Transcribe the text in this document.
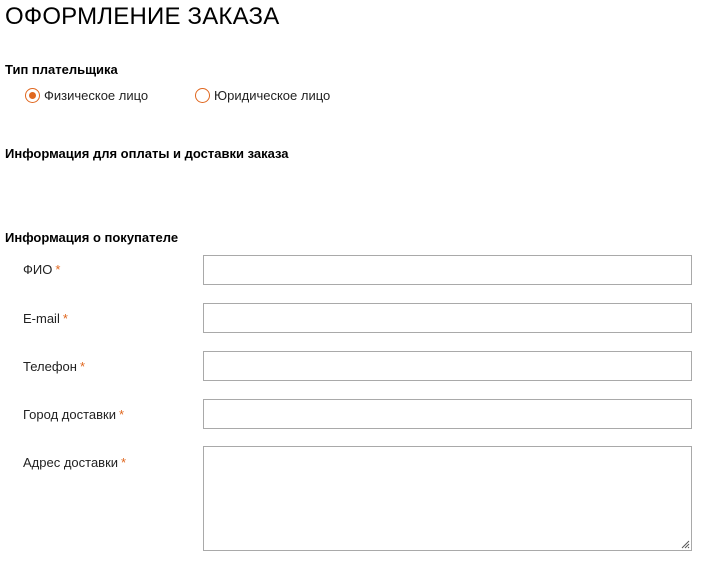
ОФОРМЛЕНИЕ ЗАКАЗА
Тип плательщика
Физическое лицо	Юридическое лицо
Информация для оплаты и доставки заказа
Информация о покупателе
ФИО *
E-mail *
Телефон *
Город доставки *
Адрес доставки *
